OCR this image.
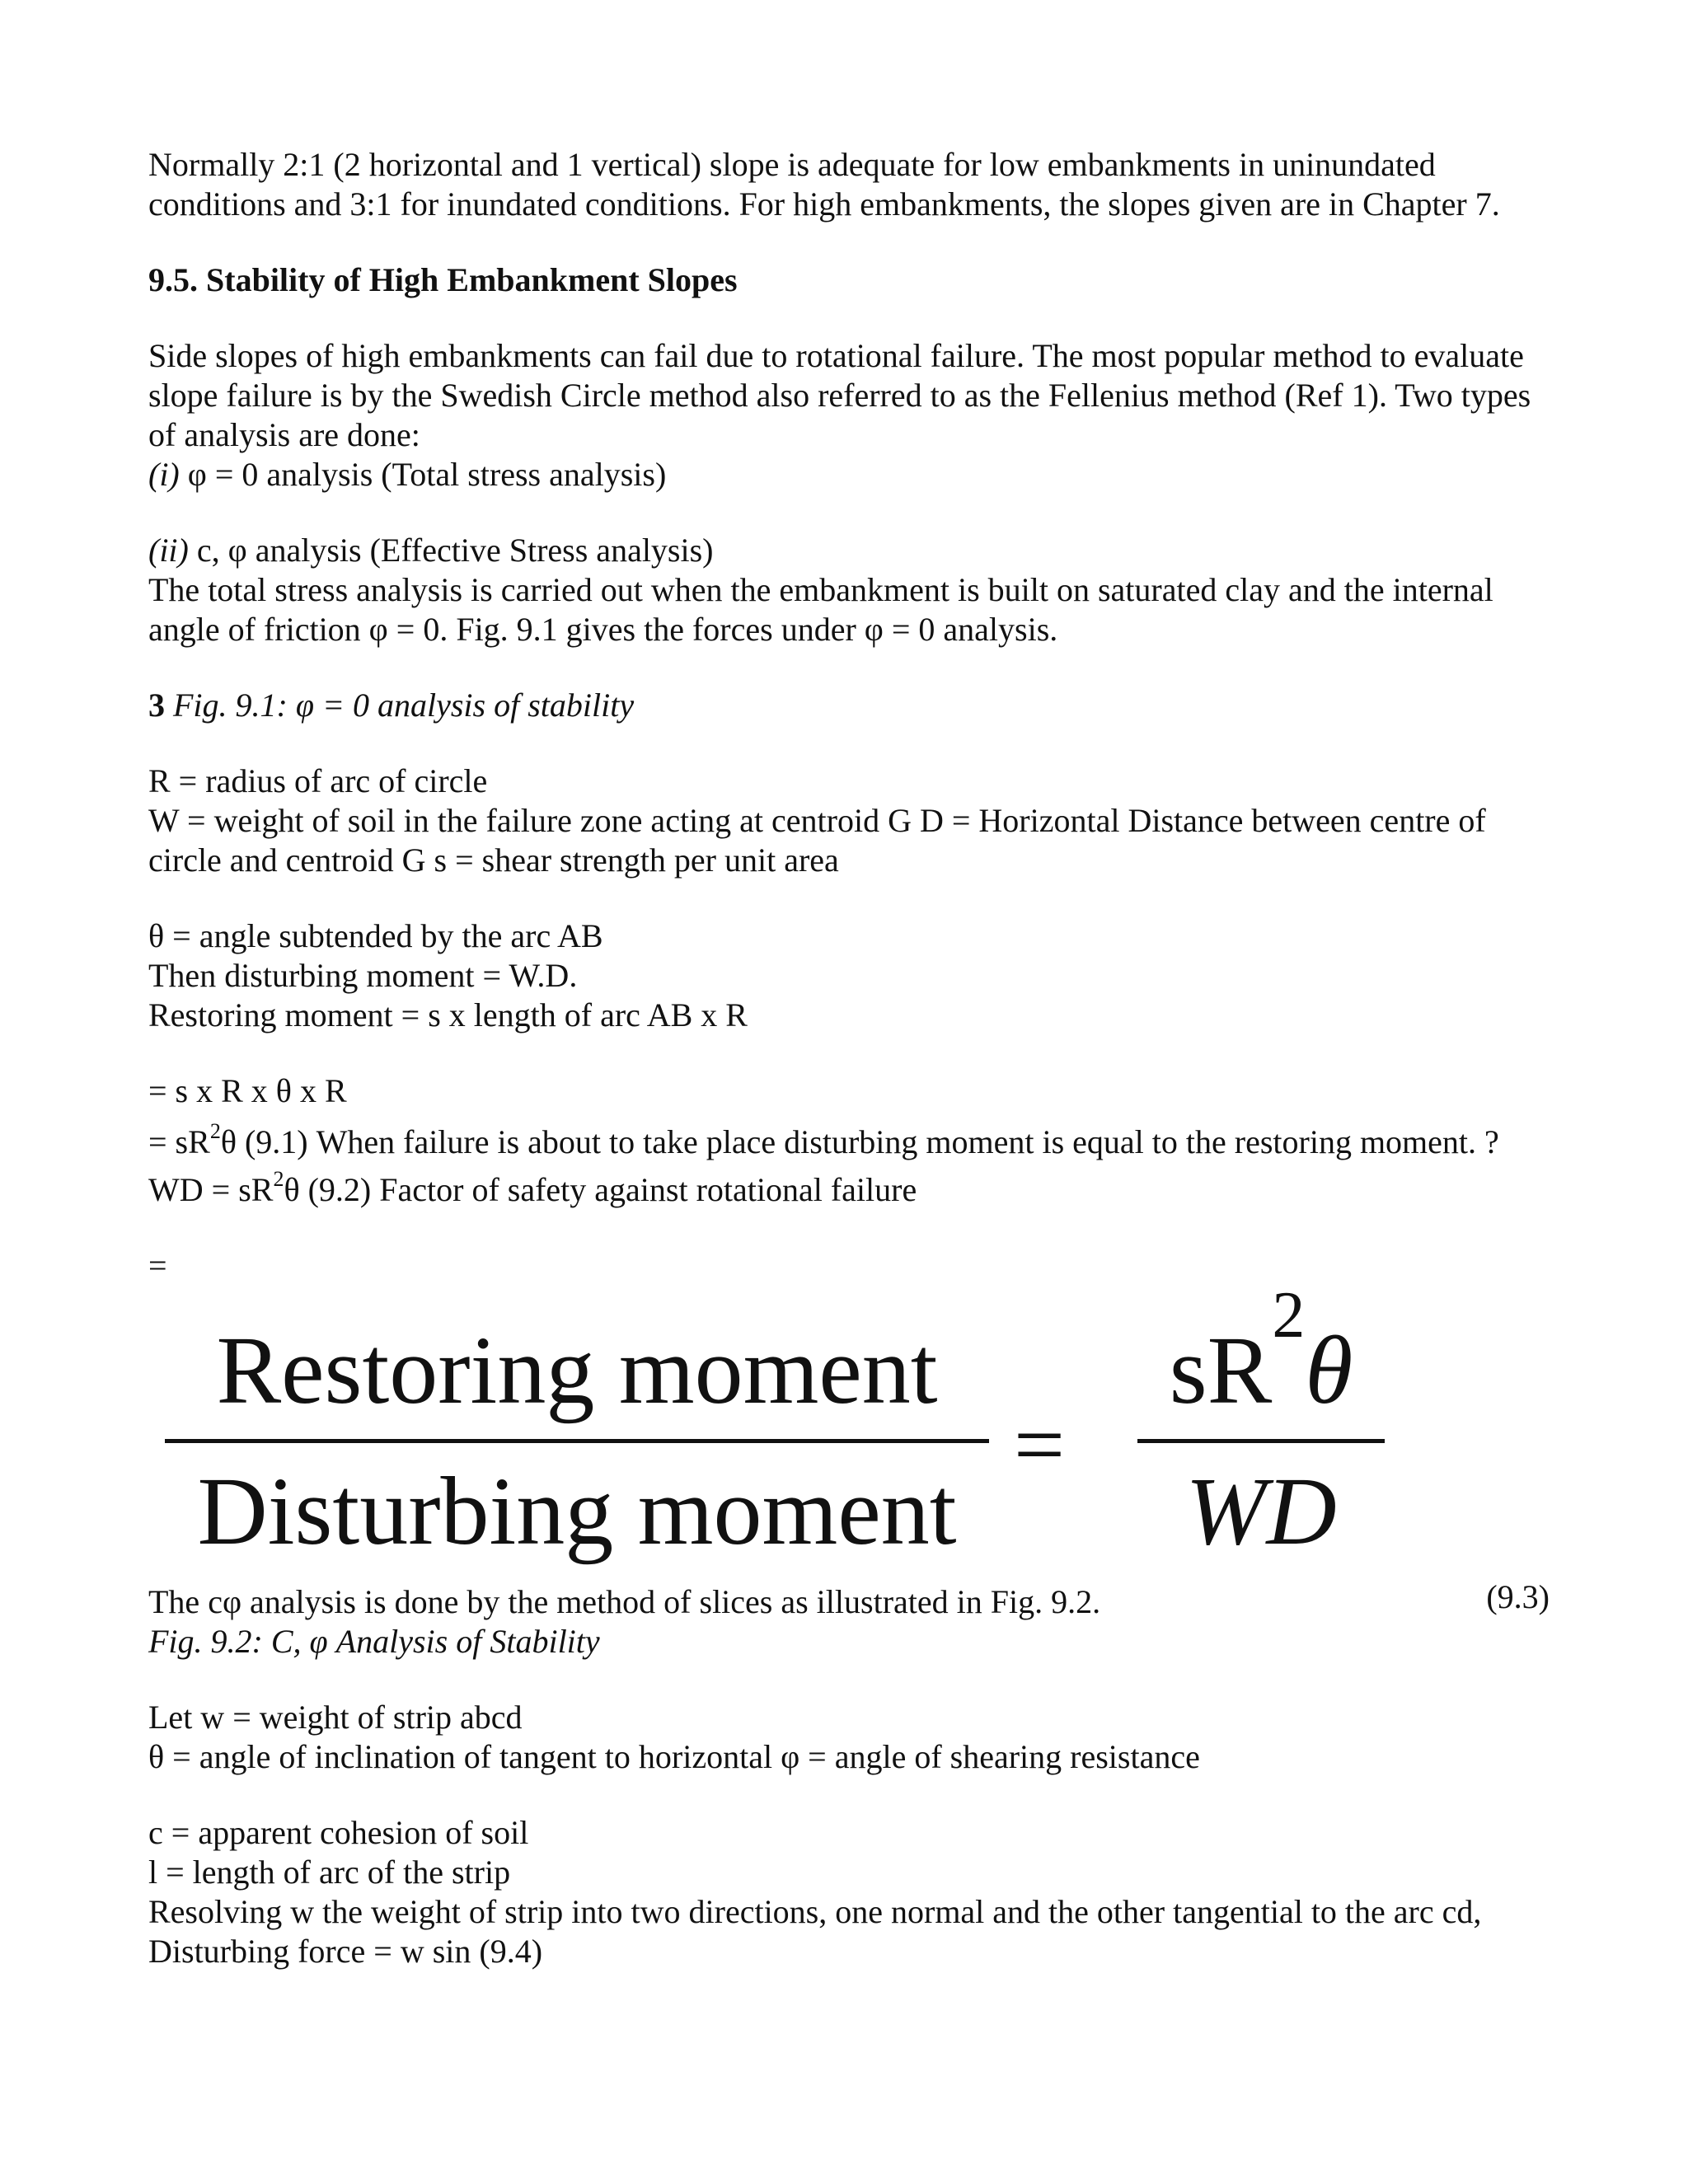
Normally 2:1 (2 horizontal and 1 vertical) slope is adequate for low embankments in uninundated

conditions and 3:1 for inundated conditions. For high embankments, the slopes given are in Chapter 7.

9.5. Stability of High Embankment Slopes

Side slopes of high embankments can fail due to rotational failure. The most popular method to evaluate

slope failure is by the Swedish Circle method also referred to as the Fellenius method (Ref 1). Two types

of analysis are done:

(i) φ = 0 analysis (Total stress analysis)

(ii) c, φ analysis (Effective Stress analysis)

The total stress analysis is carried out when the embankment is built on saturated clay and the internal

angle of friction φ = 0. Fig. 9.1 gives the forces under φ = 0 analysis.

3 Fig. 9.1: φ = 0 analysis of stability

R = radius of arc of circle

W = weight of soil in the failure zone acting at centroid G D = Horizontal Distance between centre of

circle and centroid G s = shear strength per unit area

θ = angle subtended by the arc AB

Then disturbing moment = W.D.

Restoring moment = s x length of arc AB x R

= s x R x θ x R

= $sR^2\theta$ (9.1) When failure is about to take place disturbing moment is equal to the restoring moment. ?

WD = $sR^2\theta$ (9.2) Factor of safety against rotational failure

=

Restoring moment
Disturbing moment
=
$sR^2\theta$
WD
(9.3)

The cφ analysis is done by the method of slices as illustrated in Fig. 9.2.

Fig. 9.2: C, φ Analysis of Stability

Let w = weight of strip abcd

θ = angle of inclination of tangent to horizontal φ = angle of shearing resistance

c = apparent cohesion of soil

l = length of arc of the strip

Resolving w the weight of strip into two directions, one normal and the other tangential to the arc cd,

Disturbing force = w sin (9.4)
